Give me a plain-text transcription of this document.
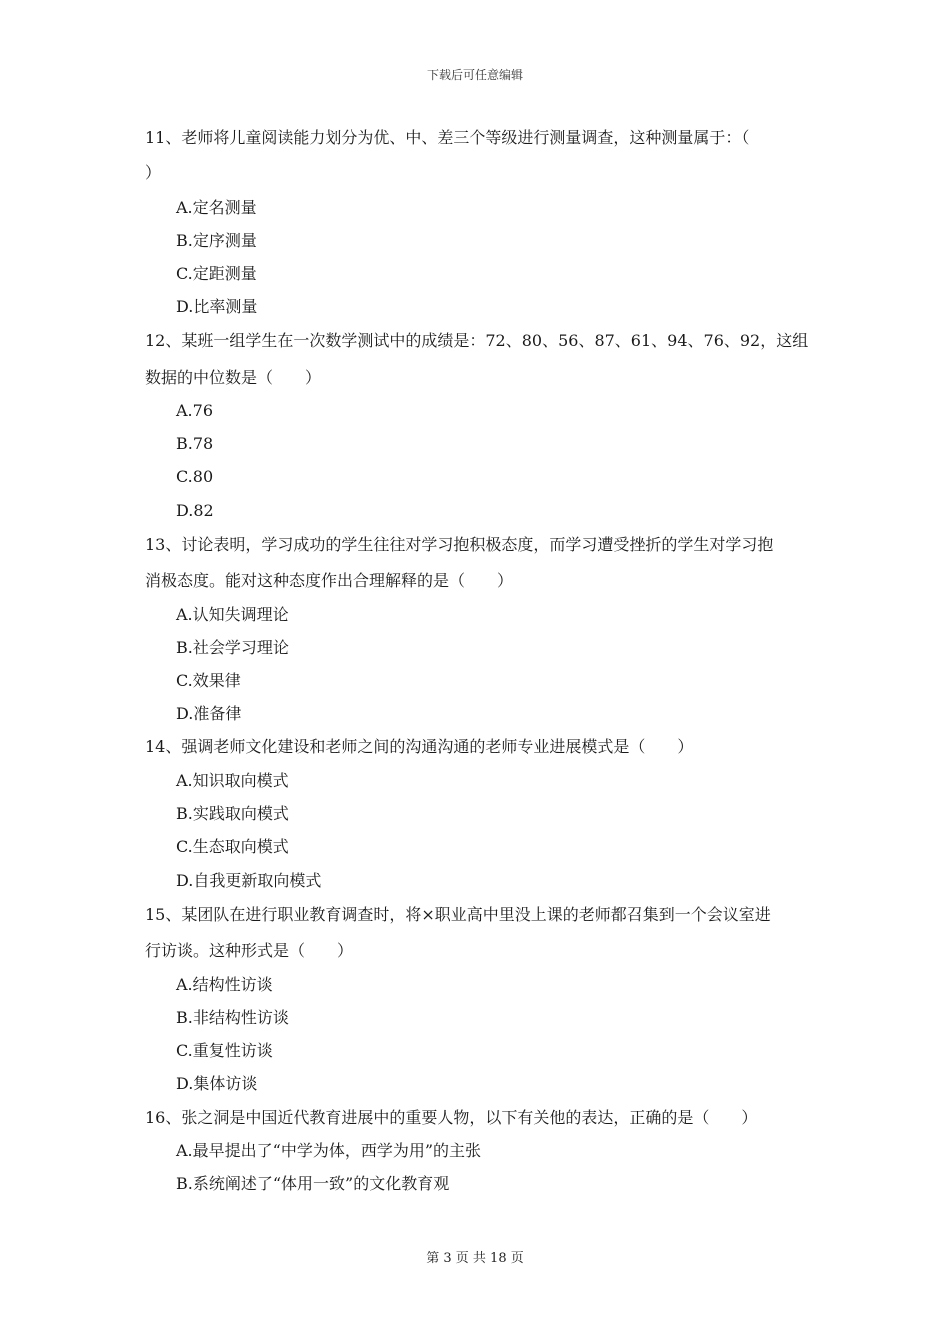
下载后可任意编辑
11、老师将儿童阅读能力划分为优、中、差三个等级进行测量调查，这种测量属于：（
）
A.定名测量
B.定序测量
C.定距测量
D.比率测量
12、某班一组学生在一次数学测试中的成绩是：72、80、56、87、61、94、76、92，这组
数据的中位数是（　　）
A.76
B.78
C.80
D.82
13、讨论表明，学习成功的学生往往对学习抱积极态度，而学习遭受挫折的学生对学习抱
消极态度。能对这种态度作出合理解释的是（　　）
A.认知失调理论
B.社会学习理论
C.效果律
D.准备律
14、强调老师文化建设和老师之间的沟通沟通的老师专业进展模式是（　　）
A.知识取向模式
B.实践取向模式
C.生态取向模式
D.自我更新取向模式
15、某团队在进行职业教育调查时，将×职业高中里没上课的老师都召集到一个会议室进
行访谈。这种形式是（　　）
A.结构性访谈
B.非结构性访谈
C.重复性访谈
D.集体访谈
16、张之洞是中国近代教育进展中的重要人物，以下有关他的表达，正确的是（　　）
A.最早提出了“中学为体，西学为用”的主张
B.系统阐述了“体用一致”的文化教育观
第 3 页 共 18 页
